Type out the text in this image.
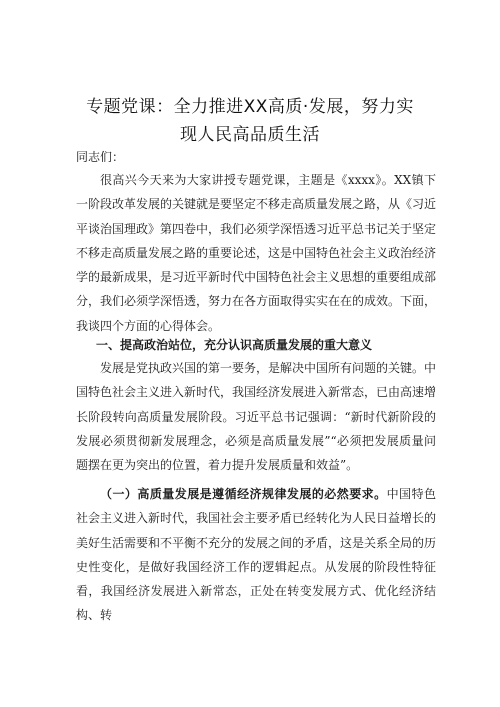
专题党课：全力推进XX高质·发展，努力实
现人民高品质生活
同志们：

很高兴今天来为大家讲授专题党课，主题是《xxxx》。XX镇下一阶段改革发展的关键就是要坚定不移走高质量发展之路，从《习近平谈治国理政》第四卷中，我们必须学深悟透习近平总书记关于坚定不移走高质量发展之路的重要论述，这是中国特色社会主义政治经济学的最新成果，是习近平新时代中国特色社会主义思想的重要组成部分，我们必须学深悟透，努力在各方面取得实实在在的成效。下面，我谈四个方面的心得体会。

一、提高政治站位，充分认识高质量发展的重大意义

发展是党执政兴国的第一要务，是解决中国所有问题的关键。中国特色社会主义进入新时代，我国经济发展进入新常态，已由高速增长阶段转向高质量发展阶段。习近平总书记强调：“新时代新阶段的发展必须贯彻新发展理念，必须是高质量发展”“必须把发展质量问题摆在更为突出的位置，着力提升发展质量和效益”。

（一）高质量发展是遵循经济规律发展的必然要求。中国特色社会主义进入新时代，我国社会主要矛盾已经转化为人民日益增长的美好生活需要和不平衡不充分的发展之间的矛盾，这是关系全局的历史性变化，是做好我国经济工作的逻辑起点。从发展的阶段性特征看，我国经济发展进入新常态，正处在转变发展方式、优化经济结构、转
